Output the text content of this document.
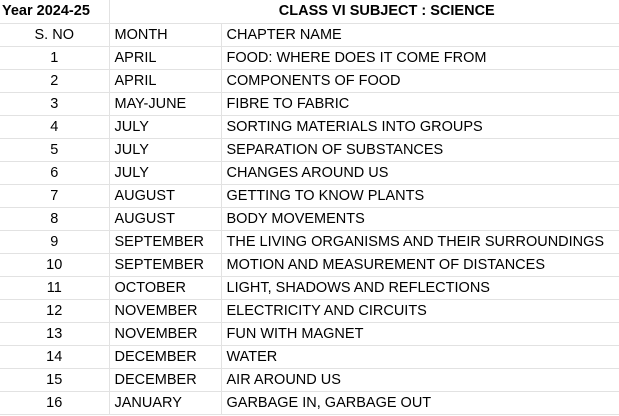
Year 2024-25	CLASS VI SUBJECT : SCIENCE	
S. NO	MONTH	CHAPTER NAME
1	APRIL	FOOD: WHERE DOES IT COME FROM
2	APRIL	COMPONENTS OF FOOD
3	MAY-JUNE	FIBRE TO FABRIC
4	JULY	SORTING MATERIALS INTO GROUPS
5	JULY	SEPARATION OF SUBSTANCES
6	JULY	CHANGES AROUND US
7	AUGUST	GETTING TO KNOW PLANTS
8	AUGUST	BODY MOVEMENTS
9	SEPTEMBER	THE LIVING ORGANISMS AND THEIR SURROUNDINGS
10	SEPTEMBER	MOTION AND MEASUREMENT OF DISTANCES
11	OCTOBER	LIGHT, SHADOWS AND REFLECTIONS
12	NOVEMBER	ELECTRICITY AND CIRCUITS
13	NOVEMBER	FUN WITH MAGNET
14	DECEMBER	WATER
15	DECEMBER	AIR AROUND US
16	JANUARY	GARBAGE IN, GARBAGE OUT
